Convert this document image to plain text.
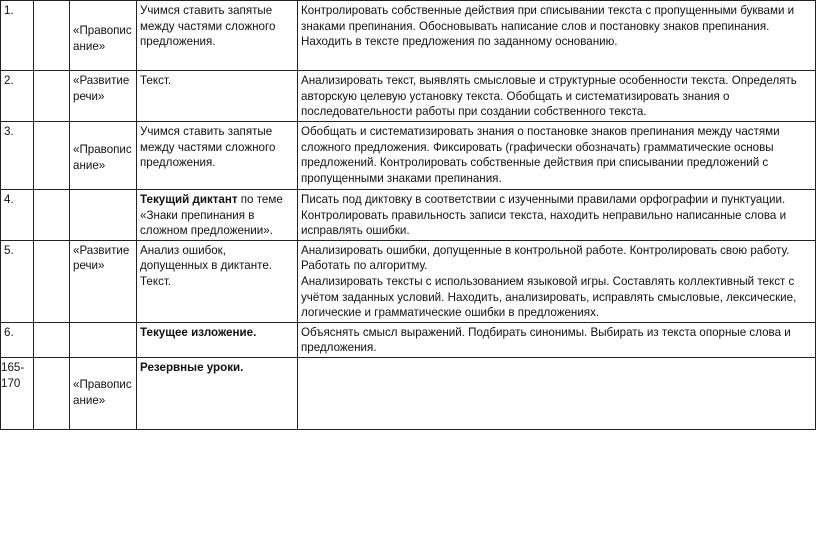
1.		«Правописание»	Учимся ставить запятые между частями сложного предложения.	Контролировать собственные действия при списывании текста с пропущенными буквами и знаками препинания. Обосновывать написание слов и постановку знаков препинания. Находить в тексте предложения по заданному основанию.
2.		«Развитие речи»	Текст.	Анализировать текст, выявлять смысловые и структурные особенности текста. Определять авторскую целевую установку текста. Обобщать и систематизировать знания о последовательности работы при создании собственного текста.
3.		«Правописание»	Учимся ставить запятые между частями сложного предложения.	Обобщать и систематизировать знания о постановке знаков препинания между частями сложного предложения. Фиксировать (графически обозначать) грамматические основы предложений. Контролировать собственные действия при списывании предложений с пропущенными знаками препинания.
4.			Текущий диктант по теме «Знаки препинания в сложном предложении».	Писать под диктовку в соответствии с изученными правилами орфографии и пунктуации. Контролировать правильность записи текста, находить неправильно написанные слова и исправлять ошибки.
5.		«Развитие речи»	Анализ ошибок, допущенных в диктанте. Текст.	Анализировать ошибки, допущенные в контрольной работе. Контролировать свою работу. Работать по алгоритму.
Анализировать тексты с использованием языковой игры. Составлять коллективный текст с учётом заданных условий. Находить, анализировать, исправлять смысловые, лексические, логические и грамматические ошибки в предложениях.

6.			Текущее изложение.	Объяснять смысл выражений. Подбирать синонимы. Выбирать из текста опорные слова и предложения.

165-170		«Правописание»	Резервные уроки.	
